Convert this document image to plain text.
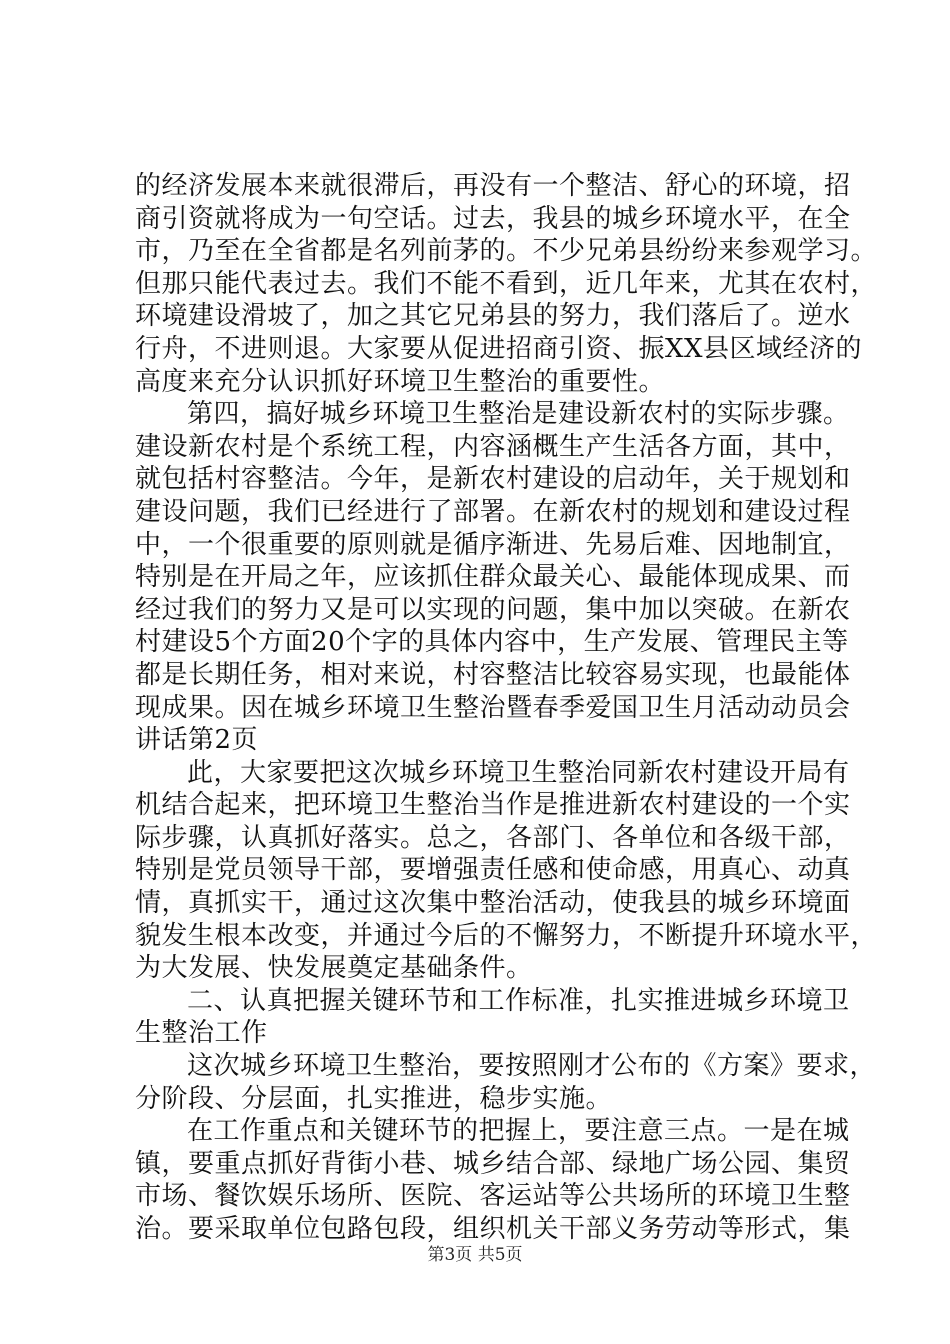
的经济发展本来就很滞后，再没有一个整洁、舒心的环境，招
商引资就将成为一句空话。过去，我县的城乡环境水平，在全
市，乃至在全省都是名列前茅的。不少兄弟县纷纷来参观学习。
但那只能代表过去。我们不能不看到，近几年来，尤其在农村，
环境建设滑坡了，加之其它兄弟县的努力，我们落后了。逆水
行舟，不进则退。大家要从促进招商引资、振XX县区域经济的
高度来充分认识抓好环境卫生整治的重要性。
第四，搞好城乡环境卫生整治是建设新农村的实际步骤。
建设新农村是个系统工程，内容涵概生产生活各方面，其中，
就包括村容整洁。今年，是新农村建设的启动年，关于规划和
建设问题，我们已经进行了部署。在新农村的规划和建设过程
中，一个很重要的原则就是循序渐进、先易后难、因地制宜，
特别是在开局之年，应该抓住群众最关心、最能体现成果、而
经过我们的努力又是可以实现的问题，集中加以突破。在新农
村建设5个方面20个字的具体内容中，生产发展、管理民主等
都是长期任务，相对来说，村容整洁比较容易实现，也最能体
现成果。因在城乡环境卫生整治暨春季爱国卫生月活动动员会
讲话第2页
此，大家要把这次城乡环境卫生整治同新农村建设开局有
机结合起来，把环境卫生整治当作是推进新农村建设的一个实
际步骤，认真抓好落实。总之，各部门、各单位和各级干部，
特别是党员领导干部，要增强责任感和使命感，用真心、动真
情，真抓实干，通过这次集中整治活动，使我县的城乡环境面
貌发生根本改变，并通过今后的不懈努力，不断提升环境水平，
为大发展、快发展奠定基础条件。
二、认真把握关键环节和工作标准，扎实推进城乡环境卫
生整治工作
这次城乡环境卫生整治，要按照刚才公布的《方案》要求，
分阶段、分层面，扎实推进，稳步实施。
在工作重点和关键环节的把握上，要注意三点。一是在城
镇，要重点抓好背街小巷、城乡结合部、绿地广场公园、集贸
市场、餐饮娱乐场所、医院、客运站等公共场所的环境卫生整
治。要采取单位包路包段，组织机关干部义务劳动等形式，集
第3页 共5页
